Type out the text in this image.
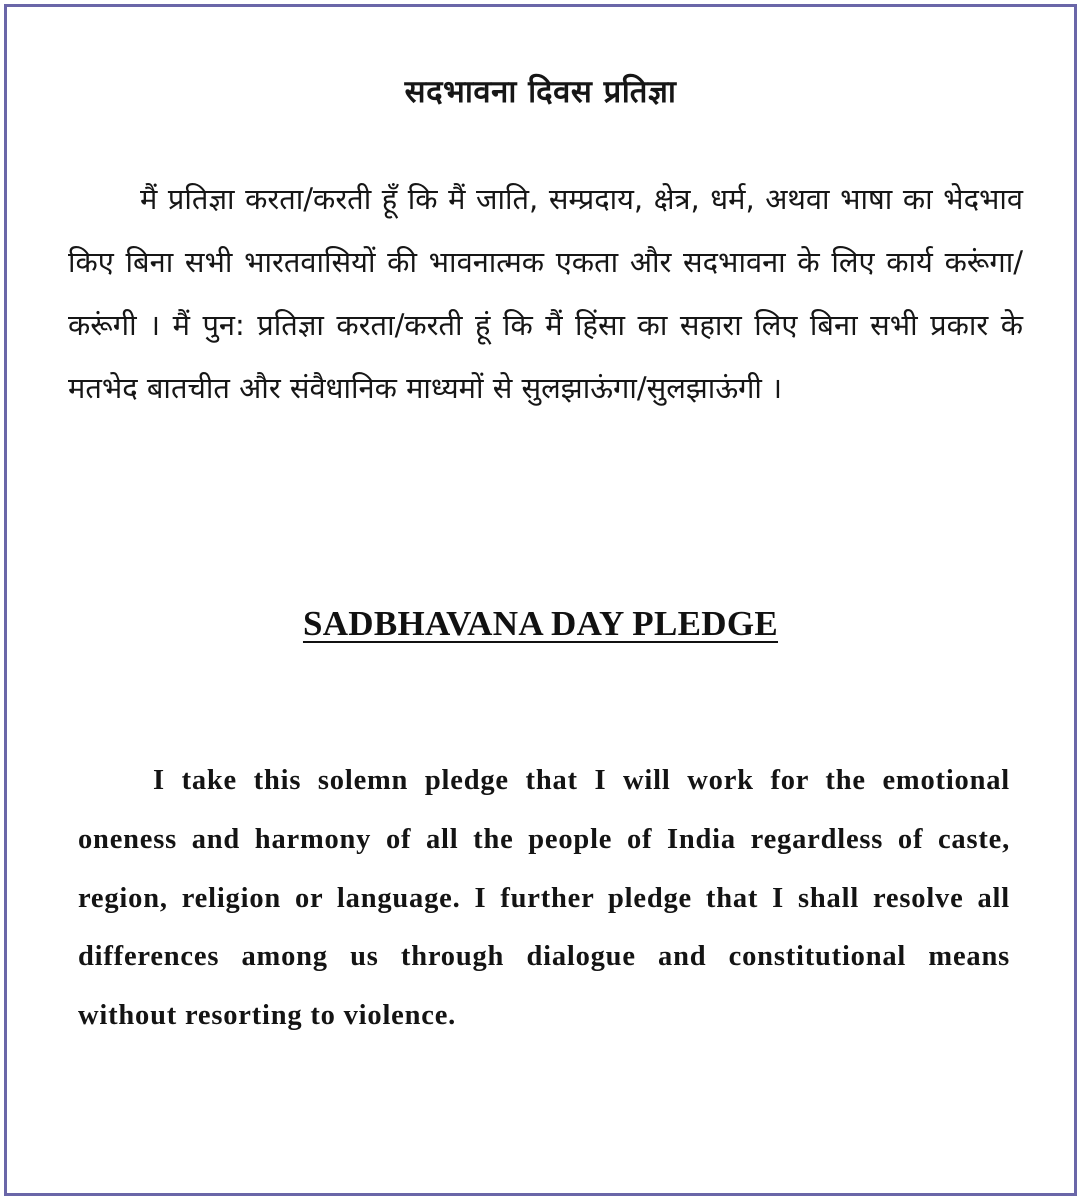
सदभावना दिवस प्रतिज्ञा

मैं प्रतिज्ञा करता/करती हूँ कि मैं जाति, सम्प्रदाय, क्षेत्र, धर्म, अथवा भाषा का भेदभाव किए बिना सभी भारतवासियों की भावनात्मक एकता और सदभावना के लिए कार्य करूंगा/करूंगी । मैं पुन: प्रतिज्ञा करता/करती हूं कि मैं हिंसा का सहारा लिए बिना सभी प्रकार के मतभेद बातचीत और संवैधानिक माध्यमों से सुलझाऊंगा/सुलझाऊंगी ।

SADBHAVANA DAY PLEDGE

I take this solemn pledge that I will work for the emotional oneness and harmony of all the people of India regardless of caste, region, religion or language. I further pledge that I shall resolve all differences among us through dialogue and constitutional means without resorting to violence.
